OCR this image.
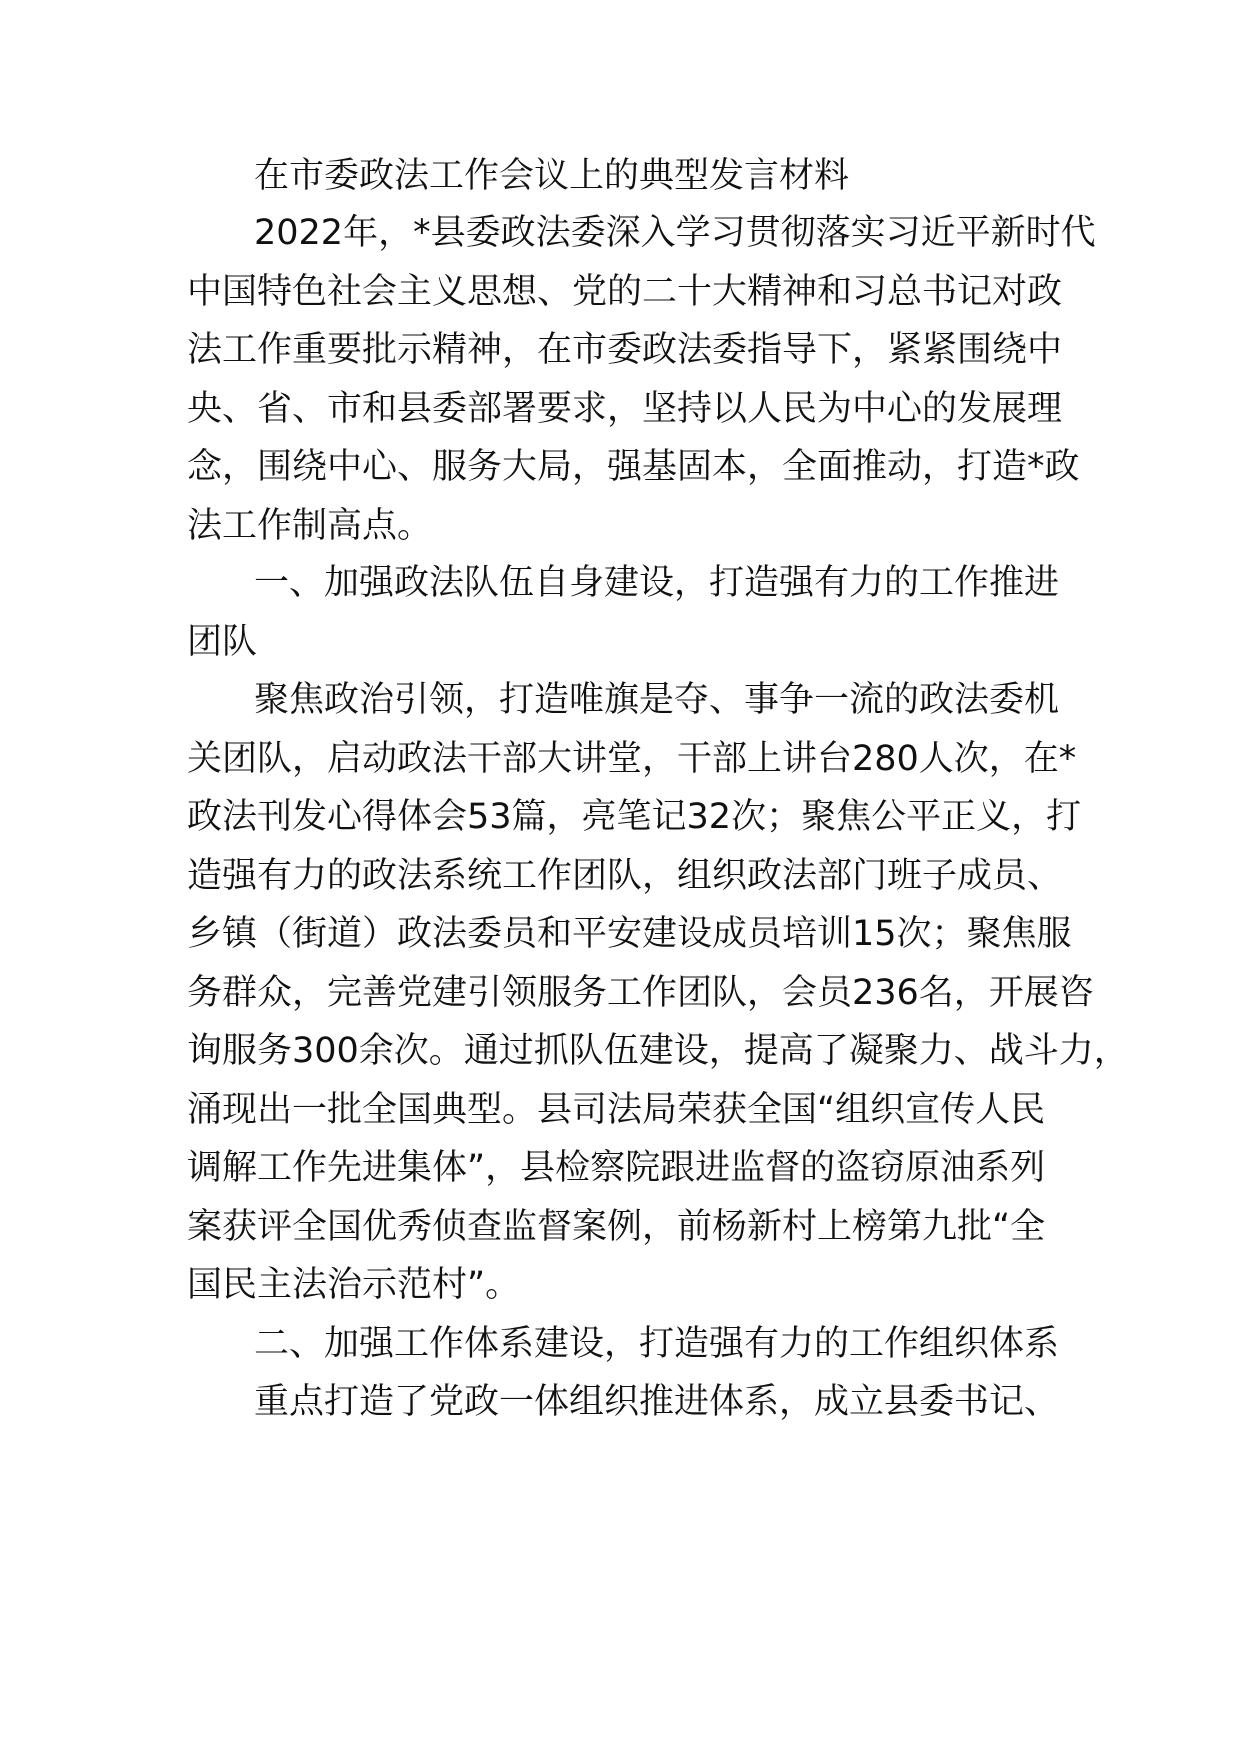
在市委政法工作会议上的典型发言材料
2022年，*县委政法委深入学习贯彻落实习近平新时代
中国特色社会主义思想、党的二十大精神和习总书记对政
法工作重要批示精神，在市委政法委指导下，紧紧围绕中
央、省、市和县委部署要求，坚持以人民为中心的发展理
念，围绕中心、服务大局，强基固本，全面推动，打造*政
法工作制高点。
一、加强政法队伍自身建设，打造强有力的工作推进
团队
聚焦政治引领，打造唯旗是夺、事争一流的政法委机
关团队，启动政法干部大讲堂，干部上讲台280人次，在*
政法刊发心得体会53篇，亮笔记32次；聚焦公平正义，打
造强有力的政法系统工作团队，组织政法部门班子成员、
乡镇（街道）政法委员和平安建设成员培训15次；聚焦服
务群众，完善党建引领服务工作团队，会员236名，开展咨
询服务300余次。通过抓队伍建设，提高了凝聚力、战斗力，
涌现出一批全国典型。县司法局荣获全国“组织宣传人民
调解工作先进集体”，县检察院跟进监督的盗窃原油系列
案获评全国优秀侦查监督案例，前杨新村上榜第九批“全
国民主法治示范村”。
二、加强工作体系建设，打造强有力的工作组织体系
重点打造了党政一体组织推进体系，成立县委书记、
